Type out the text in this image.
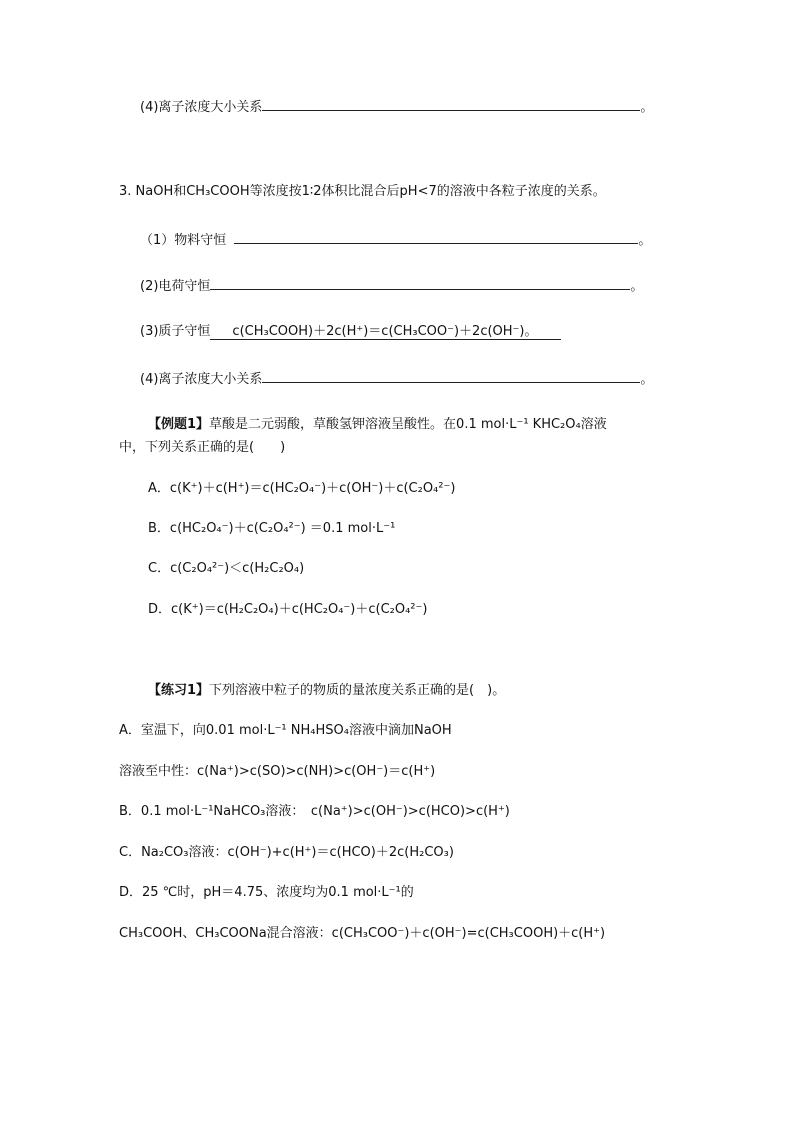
(4)离子浓度大小关系	。
3. NaOH和CH₃COOH等浓度按1∶2体积比混合后pH<7的溶液中各粒子浓度的关系。
（1）物料守恒	。
(2)电荷守恒	。
(3)质子守恒 c(CH₃COOH)＋2c(H⁺)＝c(CH₃COO⁻)＋2c(OH⁻)。
(4)离子浓度大小关系	。
【例题1】草酸是二元弱酸，草酸氢钾溶液呈酸性。在0.1 mol·L⁻¹ KHC₂O₄溶液
中，下列关系正确的是(　　)
A．c(K⁺)＋c(H⁺)＝c(HC₂O₄⁻)＋c(OH⁻)＋c(C₂O₄²⁻)
B．c(HC₂O₄⁻)＋c(C₂O₄²⁻) ＝0.1 mol·L⁻¹
C．c(C₂O₄²⁻)＜c(H₂C₂O₄)
D．c(K⁺)＝c(H₂C₂O₄)＋c(HC₂O₄⁻)＋c(C₂O₄²⁻)
【练习1】下列溶液中粒子的物质的量浓度关系正确的是(　)。
A．室温下，向0.01 mol·L⁻¹ NH₄HSO₄溶液中滴加NaOH
溶液至中性：c(Na⁺)>c(SO)>c(NH)>c(OH⁻)＝c(H⁺)
B．0.1 mol·L⁻¹NaHCO₃溶液：　c(Na⁺)>c(OH⁻)>c(HCO)>c(H⁺)
C．Na₂CO₃溶液：c(OH⁻)+c(H⁺)＝c(HCO)＋2c(H₂CO₃)
D．25 ℃时，pH＝4.75、浓度均为0.1 mol·L⁻¹的
CH₃COOH、CH₃COONa混合溶液：c(CH₃COO⁻)＋c(OH⁻)=c(CH₃COOH)＋c(H⁺)
